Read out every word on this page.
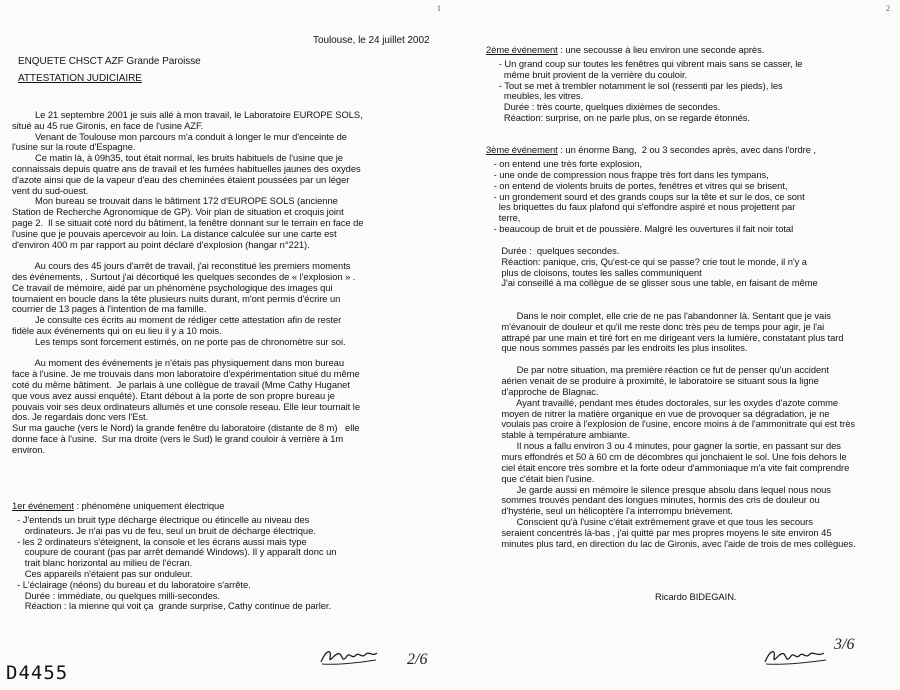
1
Toulouse, le 24 juillet 2002
ENQUETE CHSCT AZF Grande Paroisse
ATTESTATION JUDICIAIRE
Le 21 septembre 2001 je suis allé à mon travail, le Laboratoire EUROPE SOLS,
situé au 45 rue Gironis, en face de l'usine AZF.
Venant de Toulouse mon parcours m'a conduit à longer le mur d'enceinte de
l'usine sur la route d'Espagne.
Ce matin là, à 09h35, tout était normal, les bruits habituels de l'usine que je
connaissais depuis quatre ans de travail et les fumées habituelles jaunes des oxydes
d'azote ainsi que de la vapeur d'eau des cheminées étaient poussées par un léger
vent du sud-ouest.
Mon bureau se trouvait dans le bâtiment 172 d'EUROPE SOLS (ancienne
Station de Recherche Agronomique de GP). Voir plan de situation et croquis joint
page 2.  Il se situait coté nord du bâtiment, la fenêtre donnant sur le terrain en face de
l'usine que je pouvais apercevoir au loin. La distance calculée sur une carte est
d'environ 400 m par rapport au point déclaré d'explosion (hangar n°221).
Au cours des 45 jours d'arrêt de travail, j'ai reconstitué les premiers moments
des événements, . Surtout j'ai décortiqué les quelques secondes de « l'explosion » .
Ce travail de mémoire, aidé par un phénomène psychologique des images qui
tournaient en boucle dans la tête plusieurs nuits durant, m'ont permis d'écrire un
courrier de 13 pages à l'intention de ma famille.
Je consulte ces écrits au moment de rédiger cette attestation afin de rester
fidèle aux événements qui on eu lieu il y a 10 mois.
Les temps sont forcement estimés, on ne porte pas de chronomètre sur soi.
Au moment des événements je n'étais pas physiquement dans mon bureau
face à l'usine. Je me trouvais dans mon laboratoire d'expérimentation situé du même
coté du même bâtiment.  Je parlais à une collègue de travail (Mme Cathy Huganet
que vous avez aussi enquêté). Etant débout à la porte de son propre bureau je
pouvais voir ses deux ordinateurs allumés et une console reseau. Elle leur tournait le
dos. Je regardais donc vers l'Est.
Sur ma gauche (vers le Nord) la grande fenêtre du laboratoire (distante de 8 m)   elle
donne face à l'usine.  Sur ma droite (vers le Sud) le grand couloir à verrière à 1m
environ.
1er événement : phénomène uniquement électrique
- J'entends un bruit type décharge électrique ou étincelle au niveau des
ordinateurs. Je n'ai pas vu de feu, seul un bruit de décharge électrique.
- les 2 ordinateurs s'éteignent, la console et les écrans aussi mais type
coupure de courant (pas par arrêt demandé Windows). Il y apparaît donc un
trait blanc horizontal au milieu de l'écran.
Ces appareils n'étaient pas sur onduleur.
- L'éclairage (néons) du bureau et du laboratoire s'arrête.
Durée : immédiate, ou quelques milli-secondes.
Réaction : la mienne qui voit ça  grande surprise, Cathy continue de parler.
2/6
D4455
2
2ème événement : une secousse à lieu environ une seconde après.
- Un grand coup sur toutes les fenêtres qui vibrent mais sans se casser, le
même bruit provient de la verrière du couloir.
- Tout se met à trembler notamment le sol (ressenti par les pieds), les
meubles, les vitres.
Durée : très courte, quelques dixièmes de secondes.
Réaction: surprise, on ne parle plus, on se regarde étonnés.
3ème événement : un énorme Bang,  2 ou 3 secondes après, avec dans l'ordre ,
- on entend une très forte explosion,
- une onde de compression nous frappe très fort dans les tympans,
- on entend de violents bruits de portes, fenêtres et vitres qui se brisent,
- un grondement sourd et des grands coups sur la tête et sur le dos, ce sont
les briquettes du faux plafond qui s'effondre aspiré et nous projettent par
terre,
- beaucoup de bruit et de poussière. Malgré les ouvertures il fait noir total
Durée :  quelques secondes.
Réaction: panique, cris, Qu'est-ce qui se passe? crie tout le monde, il n'y a
plus de cloisons, toutes les salles communiquent
J'ai conseillé à ma collègue de se glisser sous une table, en faisant de même
Dans le noir complet, elle crie de ne pas l'abandonner là. Sentant que je vais
m'évanouir de douleur et qu'il me reste donc très peu de temps pour agir, je l'ai
attrapé par une main et tiré fort en me dirigeant vers la lumière, constatant plus tard
que nous sommes passés par les endroits les plus insolites.
De par notre situation, ma première réaction ce fut de penser qu'un accident
aérien venait de se produire à proximité, le laboratoire se situant sous la ligne
d'approche de Blagnac.
Ayant travaillé, pendant mes études doctorales, sur les oxydes d'azote comme
moyen de nitrer la matière organique en vue de provoquer sa dégradation, je ne
voulais pas croire à l'explosion de l'usine, encore moins à de l'ammonitrate qui est très
stable à température ambiante.
Il nous a fallu environ 3 ou 4 minutes, pour gagner la sortie, en passant sur des
murs effondrés et 50 à 60 cm de décombres qui jonchaient le sol. Une fois dehors le
ciel était encore très sombre et la forte odeur d'ammoniaque m'a vite fait comprendre
que c'était bien l'usine.
Je garde aussi en mémoire le silence presque absolu dans lequel nous nous
sommes trouvés pendant des longues minutes, hormis des cris de douleur ou
d'hystérie, seul un hélicoptère l'a interrompu brièvement.
Conscient qu'à l'usine c'était extrêmement grave et que tous les secours
seraient concentrés là-bas , j'ai quitté par mes propres moyens le site environ 45
minutes plus tard, en direction du lac de Gironis, avec l'aide de trois de mes collègues.
Ricardo BIDEGAIN.
3/6
